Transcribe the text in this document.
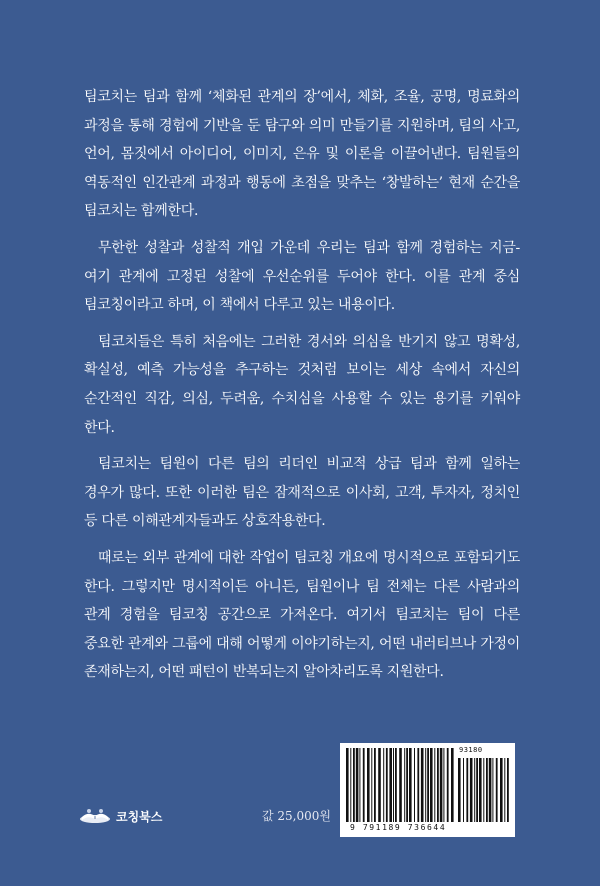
팀코치는 팀과 함께 ‘체화된 관계의 장’에서, 체화, 조율, 공명, 명료화의 과정을 통해 경험에 기반을 둔 탐구와 의미 만들기를 지원하며, 팀의 사고, 언어, 몸짓에서 아이디어, 이미지, 은유 및 이론을 이끌어낸다. 팀원들의 역동적인 인간관계 과정과 행동에 초점을 맞추는 ‘창발하는’ 현재 순간을 팀코치는 함께한다.

무한한 성찰과 성찰적 개입 가운데 우리는 팀과 함께 경험하는 지금-여기 관계에 고정된 성찰에 우선순위를 두어야 한다. 이를 관계 중심 팀코칭이라고 하며, 이 책에서 다루고 있는 내용이다.

팀코치들은 특히 처음에는 그러한 경서와 의심을 반기지 않고 명확성, 확실성, 예측 가능성을 추구하는 것처럼 보이는 세상 속에서 자신의 순간적인 직감, 의심, 두려움, 수치심을 사용할 수 있는 용기를 키워야 한다.

팀코치는 팀원이 다른 팀의 리더인 비교적 상급 팀과 함께 일하는 경우가 많다. 또한 이러한 팀은 잠재적으로 이사회, 고객, 투자자, 정치인 등 다른 이해관계자들과도 상호작용한다.

때로는 외부 관계에 대한 작업이 팀코칭 개요에 명시적으로 포함되기도 한다. 그렇지만 명시적이든 아니든, 팀원이나 팀 전체는 다른 사람과의 관계 경험을 팀코칭 공간으로 가져온다. 여기서 팀코치는 팀이 다른 중요한 관계와 그룹에 대해 어떻게 이야기하는지, 어떤 내러티브나 가정이 존재하는지, 어떤 패턴이 반복되는지 알아차리도록 지원한다.

코칭북스	값 25,000원
93180
9 791189 736644
